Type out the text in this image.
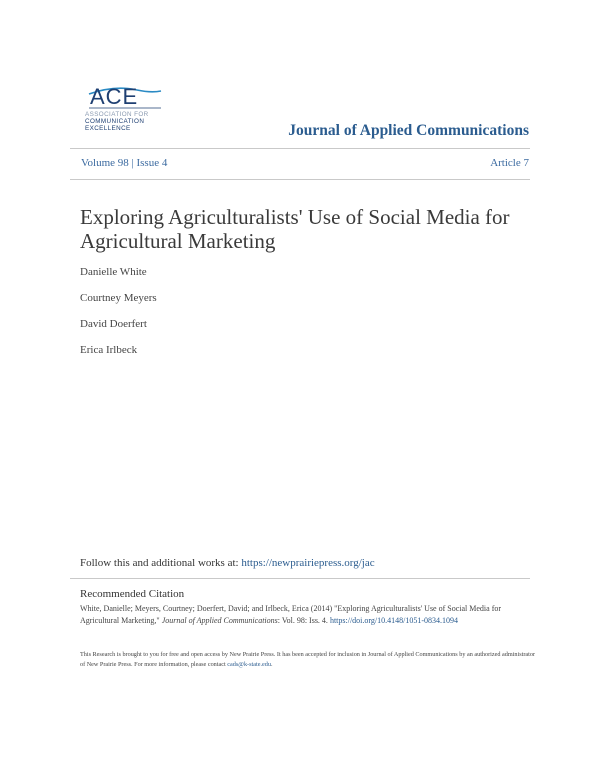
ACE
ASSOCIATION FOR
COMMUNICATION
EXCELLENCE	Journal of Applied Communications
Volume 98 | Issue 4	Article 7
Exploring Agriculturalists' Use of Social Media for Agricultural Marketing
Danielle White
Courtney Meyers
David Doerfert
Erica Irlbeck
Follow this and additional works at: https://newprairiepress.org/jac
Recommended Citation
White, Danielle; Meyers, Courtney; Doerfert, David; and Irlbeck, Erica (2014) "Exploring Agriculturalists' Use of Social Media for Agricultural Marketing," Journal of Applied Communications: Vol. 98: Iss. 4. https://doi.org/10.4148/1051-0834.1094
This Research is brought to you for free and open access by New Prairie Press. It has been accepted for inclusion in Journal of Applied Communications by an authorized administrator of New Prairie Press. For more information, please contact cads@k-state.edu.
